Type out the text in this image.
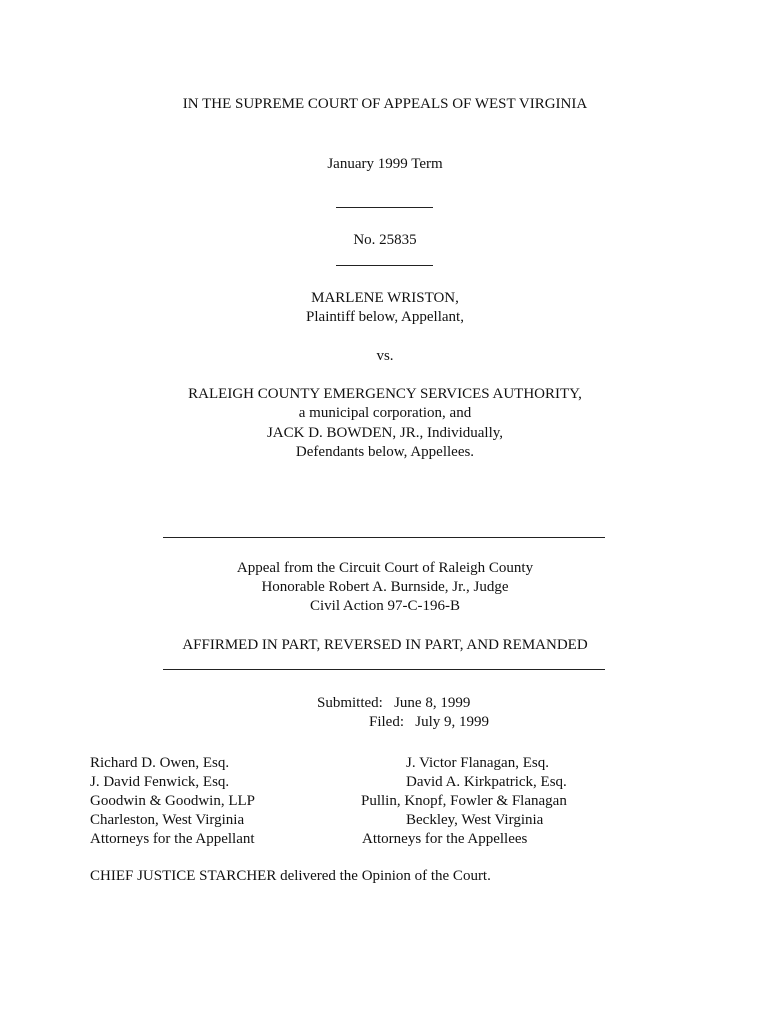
IN THE SUPREME COURT OF APPEALS OF WEST VIRGINIA
January 1999 Term
No. 25835
MARLENE WRISTON,
Plaintiff below, Appellant,
vs.
RALEIGH COUNTY EMERGENCY SERVICES AUTHORITY,
a municipal corporation, and
JACK D. BOWDEN, JR., Individually,
Defendants below, Appellees.
Appeal from the Circuit Court of Raleigh County
Honorable Robert A. Burnside, Jr., Judge
Civil Action 97-C-196-B
AFFIRMED IN PART, REVERSED IN PART, AND REMANDED
Submitted:   June 8, 1999
Filed:   July 9, 1999
Richard D. Owen, Esq.
J. David Fenwick, Esq.
Goodwin & Goodwin, LLP
Charleston, West Virginia
Attorneys for the Appellant
J. Victor Flanagan, Esq.
David A. Kirkpatrick, Esq.
Pullin, Knopf, Fowler & Flanagan
Beckley, West Virginia
Attorneys for the Appellees
CHIEF JUSTICE STARCHER delivered the Opinion of the Court.
